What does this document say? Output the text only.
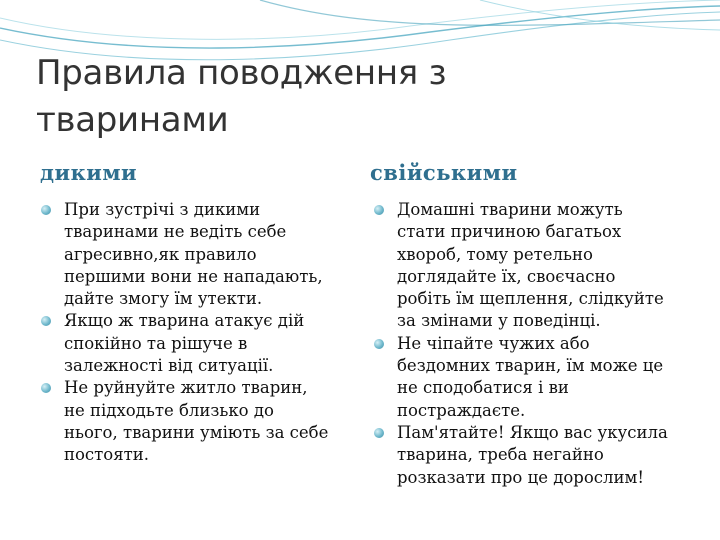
Правила поводження з
тваринами
дикими	свійськими
При зустрічі з дикими
тваринами не ведіть себе
агресивно,як правило
першими вони не нападають,
дайте змогу їм утекти.
Якщо ж тварина атакує дій
спокійно та рішуче в
залежності від ситуації.
Не руйнуйте житло тварин,
не підходьте близько до
нього, тварини уміють за себе
постояти.
Домашні тварини можуть
стати причиною багатьох
хвороб, тому ретельно
доглядайте їх, своєчасно
робіть їм щеплення, слідкуйте
за змінами у поведінці.
Не чіпайте чужих або
бездомних тварин, їм може це
не сподобатися і ви
постраждаєте.
Пам'ятайте! Якщо вас укусила
тварина, треба негайно
розказати про це дорослим!
